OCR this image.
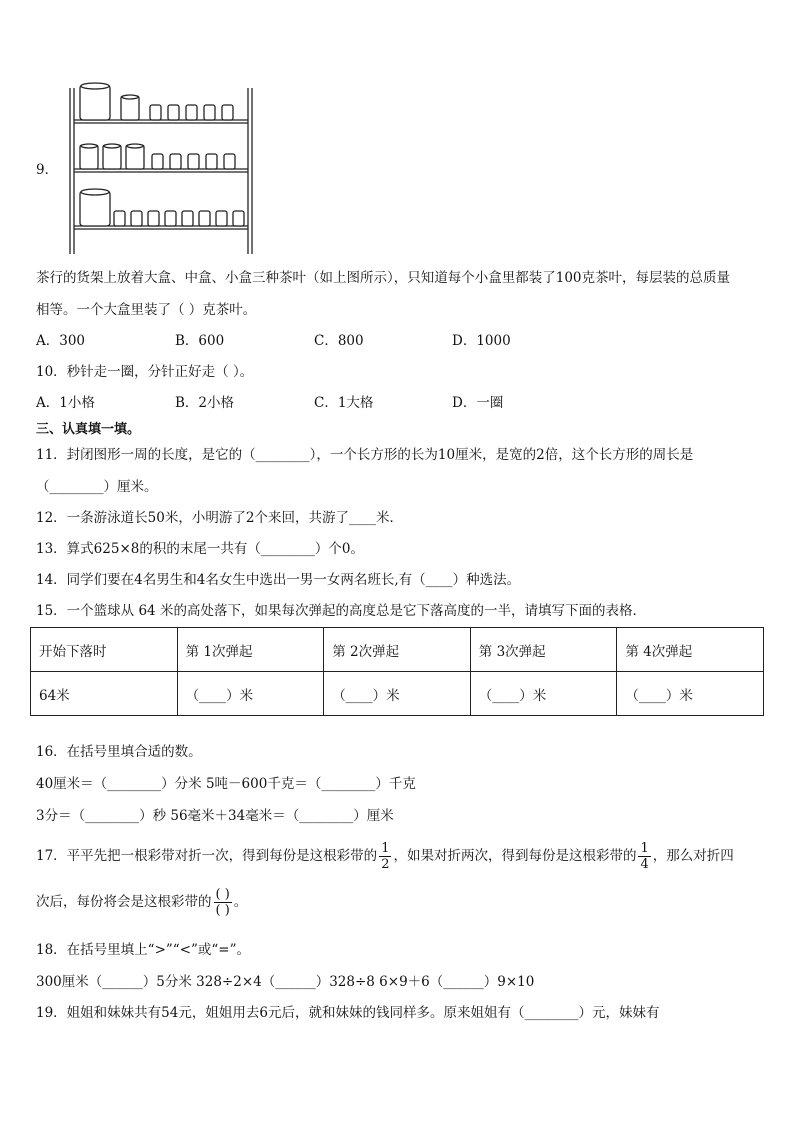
9．
茶行的货架上放着大盒、中盒、小盒三种茶叶（如上图所示），只知道每个小盒里都装了100克茶叶，每层装的总质量
相等。一个大盒里装了（ ）克茶叶。
A．300	B．600	C．800	D．1000
10．秒针走一圈，分针正好走（ ）。
A．1小格	B．2小格	C．1大格	D．一圈
三、认真填一填。
11．封闭图形一周的长度，是它的（________），一个长方形的长为10厘米，是宽的2倍，这个长方形的周长是
（________）厘米。
12．一条游泳道长50米，小明游了2个来回，共游了____米．
13．算式625×8的积的末尾一共有（________）个0。
14．同学们要在4名男生和4名女生中选出一男一女两名班长,有（____）种选法。
15．一个篮球从 64 米的高处落下，如果每次弹起的高度总是它下落高度的一半，请填写下面的表格．
开始下落时	第 1次弹起	第 2次弹起	第 3次弹起	第 4次弹起
64米	（____）米	（____）米	（____）米	（____）米
16．在括号里填合适的数。
40厘米＝（________）分米 5吨－600千克＝（________）千克
3分＝（________）秒 56毫米＋34毫米＝（________）厘米
17．平平先把一根彩带对折一次，得到每份是这根彩带的 $\frac{1}{2}$ ，如果对折两次，得到每份是这根彩带的 $\frac{1}{4}$ ，那么对折四
次后，每份将会是这根彩带的 $\frac{( )}{( )}$ 。
18．在括号里填上“>”“<”或“=”。
300厘米（______）5分米 328÷2×4（______）328÷8 6×9＋6（______）9×10
19．姐姐和妹妹共有54元，姐姐用去6元后，就和妹妹的钱同样多。原来姐姐有（________）元，妹妹有
